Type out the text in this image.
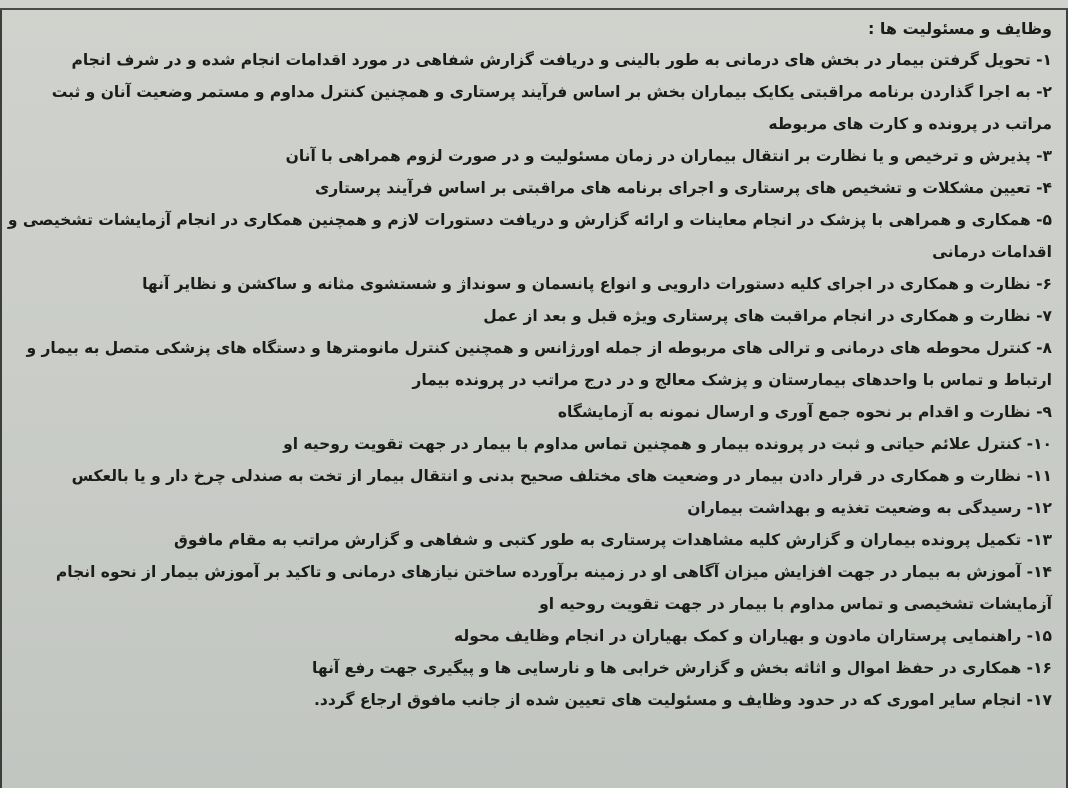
وظایف و مسئولیت ها :

۱- تحویل گرفتن بیمار در بخش های درمانی به طور بالینی و دریافت گزارش شفاهی در مورد اقدامات انجام شده و در شرف انجام
۲- به اجرا گذاردن برنامه مراقبتی یکایک بیماران بخش بر اساس فرآیند پرستاری و همچنین کنترل مداوم و مستمر وضعیت آنان و ثبت مراتب در پرونده و کارت های مربوطه
۳- پذیرش و ترخیص و یا نظارت بر انتقال بیماران در زمان مسئولیت و در صورت لزوم همراهی با آنان
۴- تعیین مشکلات و تشخیص های پرستاری و اجرای برنامه های مراقبتی بر اساس فرآیند پرستاری
۵- همکاری و همراهی با پزشک در انجام معاینات و ارائه گزارش و دریافت دستورات لازم و همچنین همکاری در انجام آزمایشات تشخیصی و اقدامات درمانی
۶- نظارت و همکاری در اجرای کلیه دستورات دارویی و انواع پانسمان و سونداژ و شستشوی مثانه و ساکشن و نظایر آنها
۷- نظارت و همکاری در انجام مراقبت های پرستاری ویژه قبل و بعد از عمل
۸- کنترل محوطه های درمانی و ترالی های مربوطه از جمله اورژانس و همچنین کنترل مانومترها و دستگاه های پزشکی متصل به بیمار و ارتباط و تماس با واحدهای بیمارستان و پزشک معالج و در درج مراتب در پرونده بیمار
۹- نظارت و اقدام بر نحوه جمع آوری و ارسال نمونه به آزمایشگاه
۱۰- کنترل علائم حیاتی و ثبت در پرونده بیمار و همچنین تماس مداوم با بیمار در جهت تقویت روحیه او
۱۱- نظارت و همکاری در قرار دادن بیمار در وضعیت های مختلف صحیح بدنی و انتقال بیمار از تخت به صندلی چرخ دار و یا بالعکس
۱۲- رسیدگی به وضعیت تغذیه و بهداشت بیماران
۱۳- تکمیل پرونده بیماران و گزارش کلیه مشاهدات پرستاری به طور کتبی و شفاهی و گزارش مراتب به مقام مافوق
۱۴- آموزش به بیمار در جهت افزایش میزان آگاهی او در زمینه برآورده ساختن نیازهای درمانی و تاکید بر آموزش بیمار از نحوه انجام آزمایشات تشخیصی و تماس مداوم با بیمار در جهت تقویت روحیه او
۱۵- راهنمایی پرستاران مادون و بهیاران و کمک بهیاران در انجام وظایف محوله
۱۶- همکاری در حفظ اموال و اثاثه بخش و گزارش خرابی ها و نارسایی ها و پیگیری جهت رفع آنها
۱۷- انجام سایر اموری که در حدود وظایف و مسئولیت های تعیین شده از جانب مافوق ارجاع گردد.
